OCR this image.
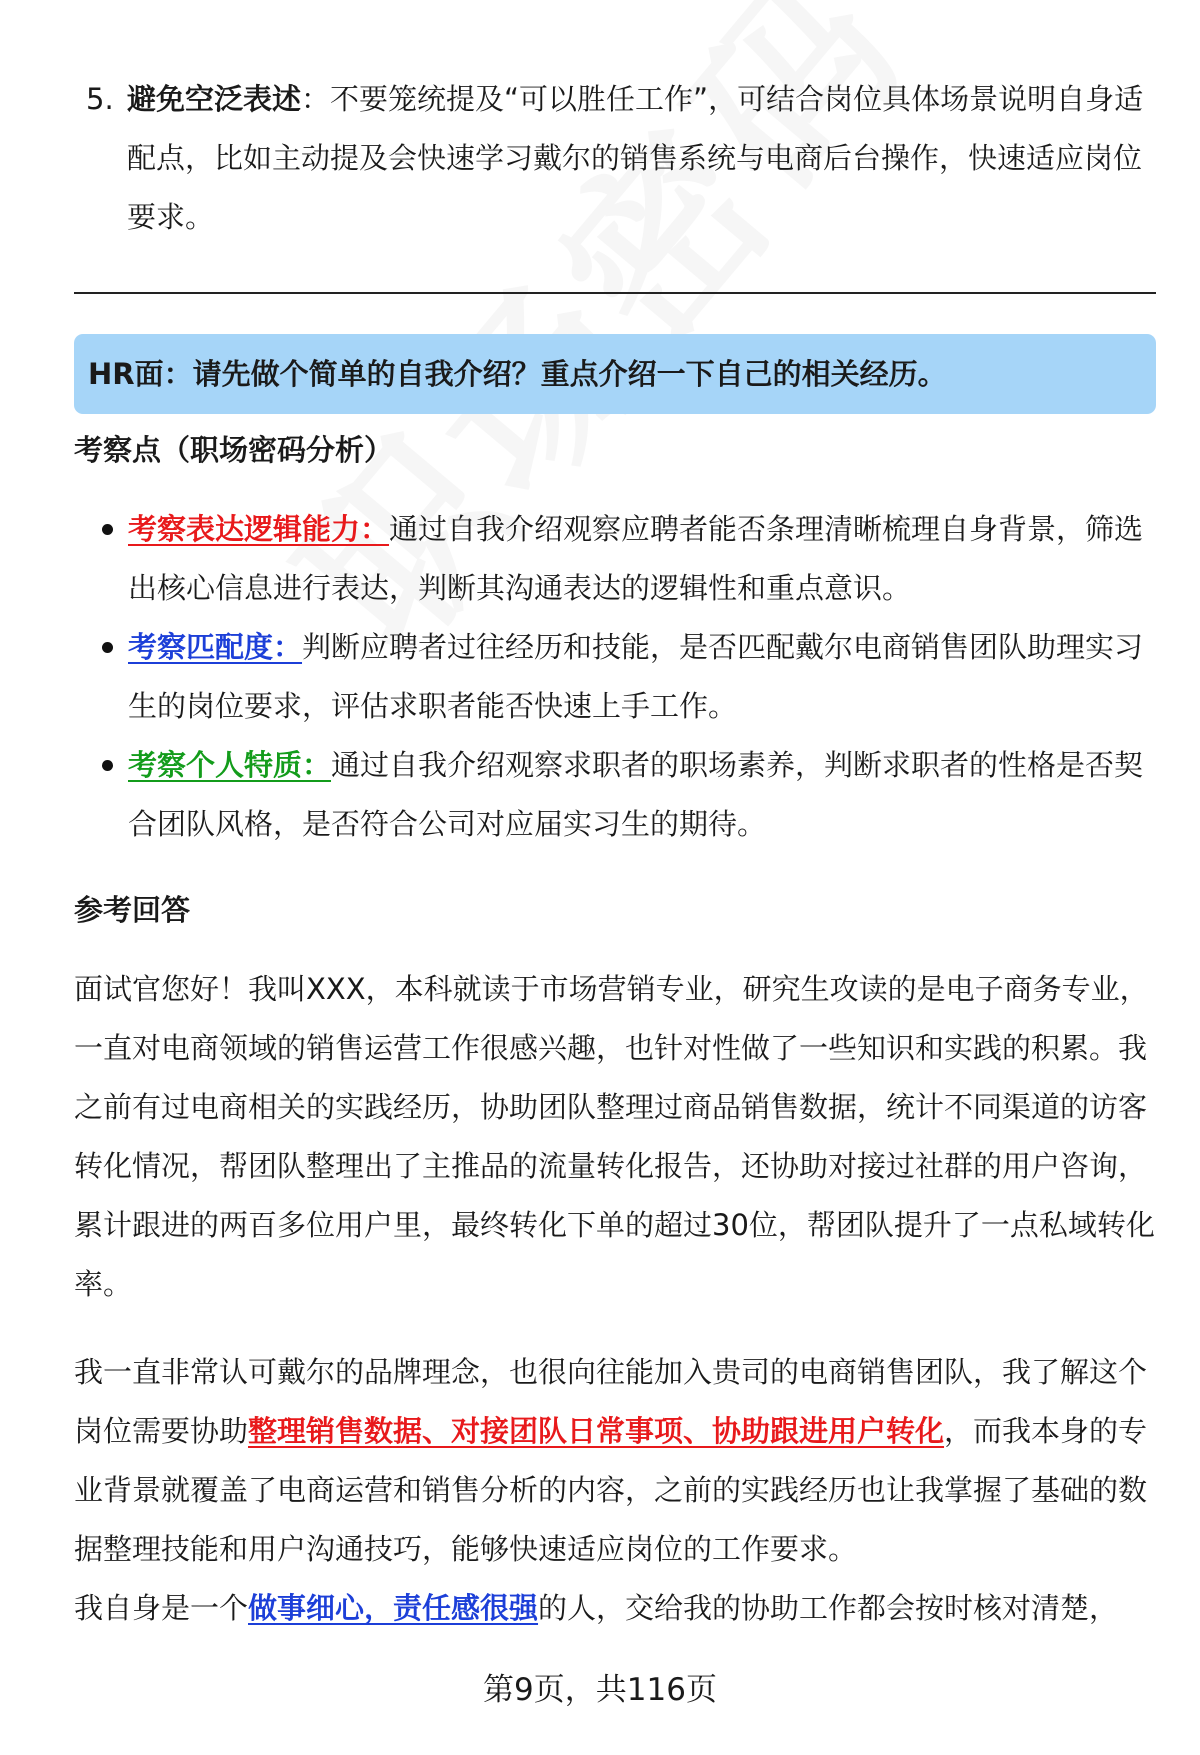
5. 避免空泛表述：不要笼统提及“可以胜任工作”，可结合岗位具体场景说明自身适配点，比如主动提及会快速学习戴尔的销售系统与电商后台操作，快速适应岗位要求。
HR面：请先做个简单的自我介绍？重点介绍一下自己的相关经历。
考察点（职场密码分析）
考察表达逻辑能力：通过自我介绍观察应聘者能否条理清晰梳理自身背景，筛选出核心信息进行表达，判断其沟通表达的逻辑性和重点意识。
考察匹配度：判断应聘者过往经历和技能，是否匹配戴尔电商销售团队助理实习生的岗位要求，评估求职者能否快速上手工作。
考察个人特质：通过自我介绍观察求职者的职场素养，判断求职者的性格是否契合团队风格，是否符合公司对应届实习生的期待。
参考回答

面试官您好！我叫XXX，本科就读于市场营销专业，研究生攻读的是电子商务专业，一直对电商领域的销售运营工作很感兴趣，也针对性做了一些知识和实践的积累。我之前有过电商相关的实践经历，协助团队整理过商品销售数据，统计不同渠道的访客转化情况，帮团队整理出了主推品的流量转化报告，还协助对接过社群的用户咨询，累计跟进的两百多位用户里，最终转化下单的超过30位，帮团队提升了一点私域转化率。

我一直非常认可戴尔的品牌理念，也很向往能加入贵司的电商销售团队，我了解这个岗位需要协助整理销售数据、对接团队日常事项、协助跟进用户转化，而我本身的专业背景就覆盖了电商运营和销售分析的内容，之前的实践经历也让我掌握了基础的数据整理技能和用户沟通技巧，能够快速适应岗位的工作要求。

我自身是一个做事细心，责任感很强的人，交给我的协助工作都会按时核对清楚，

第9页，共116页
